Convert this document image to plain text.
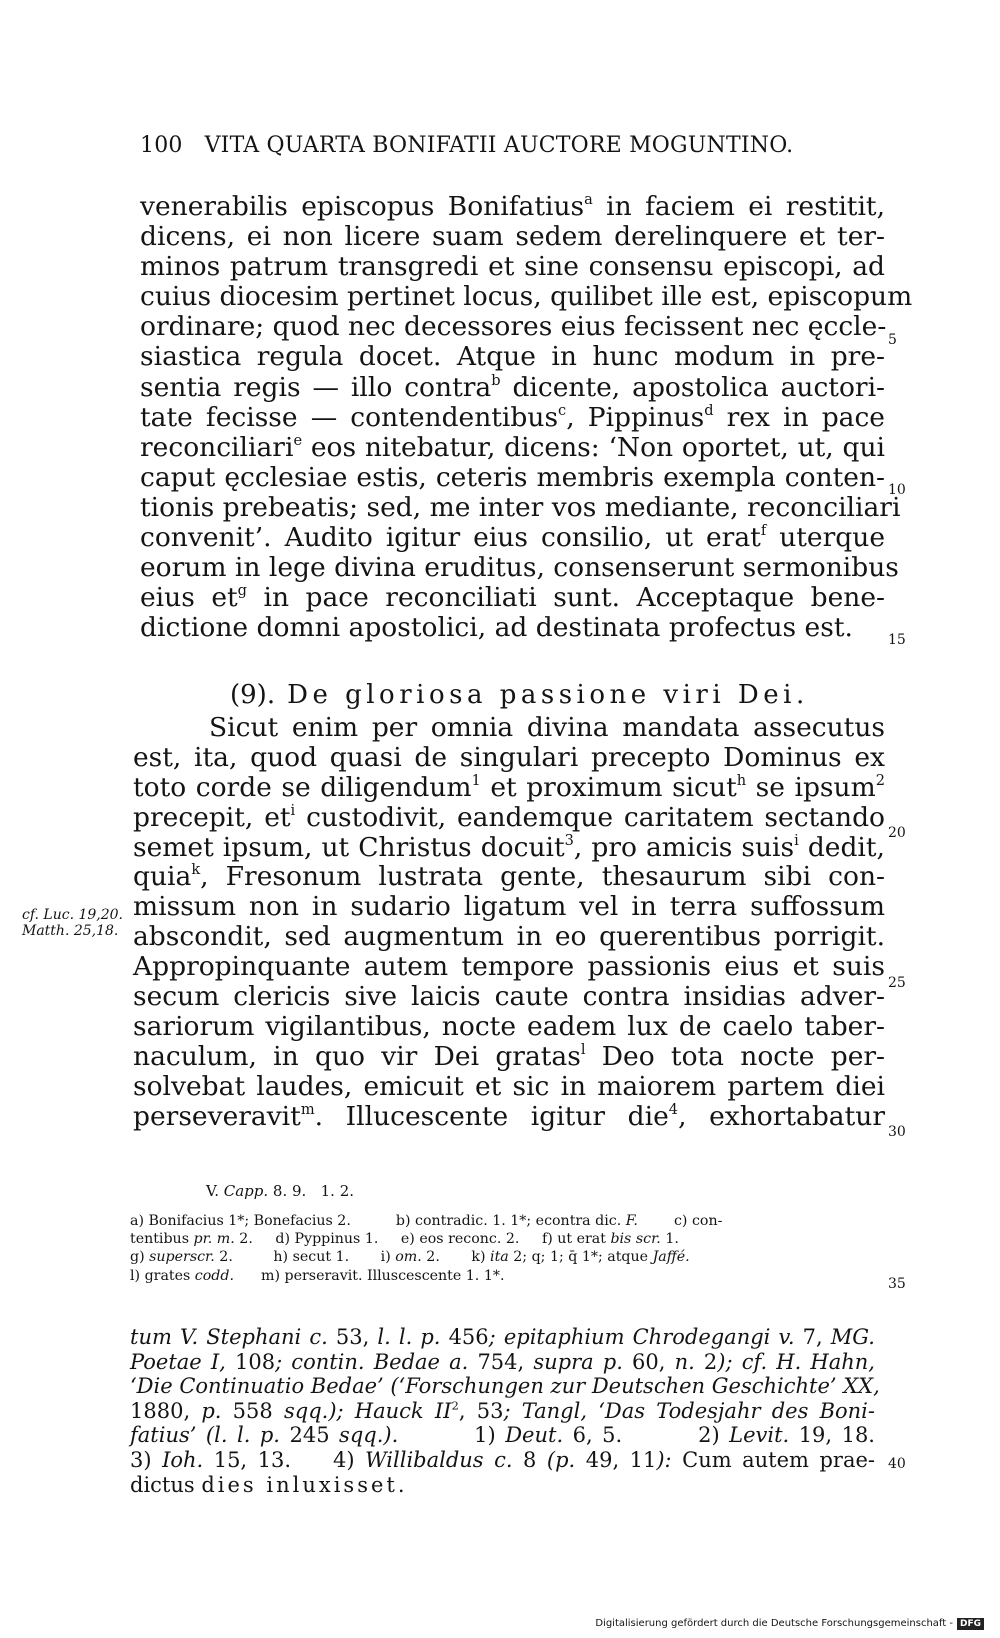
100 VITA QUARTA BONIFATII AUCTORE MOGUNTINO.
venerabilis episcopus Bonifatius$^a$ in faciem ei restitit,
dicens, ei non licere suam sedem derelinquere et ter-
minos patrum transgredi et sine consensu episcopi, ad
cuius diocesim pertinet locus, quilibet ille est, episcopum
ordinare; quod nec decessores eius fecissent nec ęccle-
siastica regula docet. Atque in hunc modum in pre-
sentia regis — illo contra$^b$ dicente, apostolica auctori-
tate fecisse — contendentibus$^c$, Pippinus$^d$ rex in pace
reconciliari$^e$ eos nitebatur, dicens: ‘Non oportet, ut, qui
caput ęcclesiae estis, ceteris membris exempla conten-
tionis prebeatis; sed, me inter vos mediante, reconciliari
convenit’. Audito igitur eius consilio, ut erat$^f$ uterque
eorum in lege divina eruditus, consenserunt sermonibus
eius $et^g$ in pace reconciliati sunt. Acceptaque bene-
dictione domni apostolici, ad destinata profectus est.
(9). De gloriosa passione viri Dei.
Sicut enim per omnia divina mandata assecutus
est, ita, quod quasi de singulari precepto Dominus ex
toto corde se diligendum$^1$ et proximum sicut$^h$ se ipsum$^2$
precepit, $et^i$ custodivit, eandemque caritatem sectando
semet ipsum, ut Christus docuit$^3$, pro amicis suis$^i$ dedit,
quia$^k$, Fresonum lustrata gente, thesaurum sibi con-
missum non in sudario ligatum vel in terra suffossum
abscondit, sed augmentum in eo querentibus porrigit.
Appropinquante autem tempore passionis eius et suis
secum clericis sive laicis caute contra insidias adver-
sariorum vigilantibus, nocte eadem lux de caelo taber-
naculum, in quo vir Dei gratas$^l$ Deo tota nocte per-
solvebat laudes, emicuit et sic in maiorem partem diei
perseveravit$^m$. Illucescente igitur die$^4$, exhortabatur
cf. Luc. 19,20.
Matth. 25,18.
5
10
15
20
25
30
35
40
V. Capp. 8. 9.   1. 2.
a) Bonifacius 1*; Bonefacius 2.          b) contradic. 1. 1*; econtra dic. F.        c) con-
tentibus pr. m. 2.     d) Pyppinus 1.     e) eos reconc. 2.     f) ut erat bis scr. 1.
g) superscr. 2.         h) secut 1.       i) om. 2.       k) ita 2; q; 1; q̄ 1*; atque Jaffé.
l) grates codd.      m) perseravit. Illuscescente 1. 1*.
tum V. Stephani c. 53, l. l. p. 456; epitaphium Chrodegangi v. 7, MG.
Poetae I, 108; contin. Bedae a. 754, supra p. 60, n. 2); cf. H. Hahn,
‘Die Continuatio Bedae’ (‘Forschungen zur Deutschen Geschichte’ XX,
1880, p. 558 sqq.); Hauck $II^2$, 53; Tangl, ‘Das Todesjahr des Boni-
fatius’ (l. l. p. 245 sqq.).        1) Deut. 6, 5.        2) Levit. 19, 18.
3) Ioh. 15, 13.    4) Willibaldus c. 8 (p. 49, 11): Cum autem prae-
dictus dies inluxisset.
Digitalisierung gefördert durch die Deutsche Forschungsgemeinschaft - DFG
